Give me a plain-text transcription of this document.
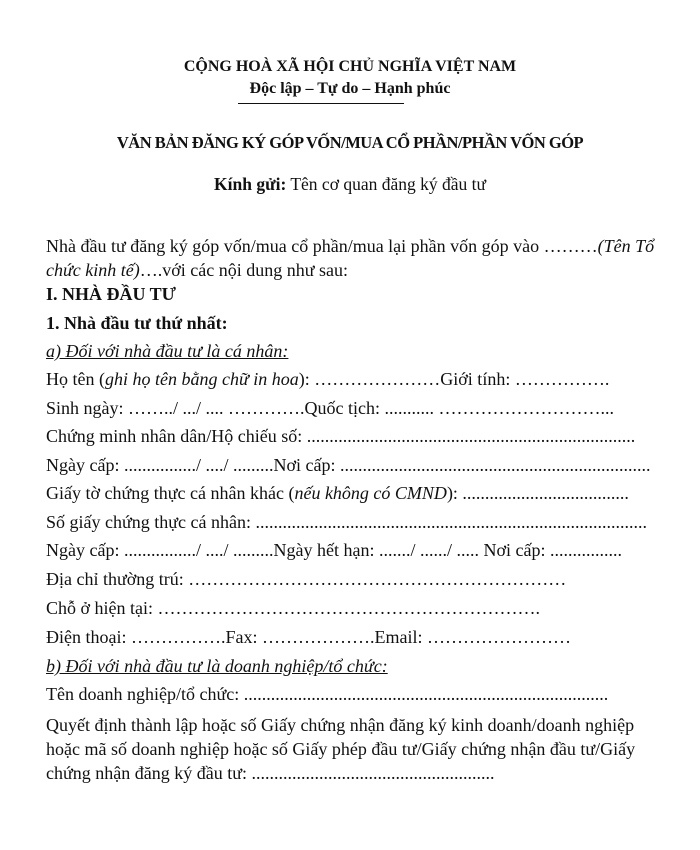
CỘNG HOÀ XÃ HỘI CHỦ NGHĨA VIỆT NAM
Độc lập – Tự do – Hạnh phúc
VĂN BẢN ĐĂNG KÝ GÓP VỐN/MUA CỔ PHẦN/PHẦN VỐN GÓP
Kính gửi: Tên cơ quan đăng ký đầu tư
Nhà đầu tư đăng ký góp vốn/mua cổ phần/mua lại phần vốn góp vào ………(Tên Tổ chức kinh tế)….với các nội dung như sau:
I. NHÀ ĐẦU TƯ
1. Nhà đầu tư thứ nhất:
a) Đối với nhà đầu tư là cá nhân:
Họ tên (ghi họ tên bằng chữ in hoa): …………………Giới tính: …………….
Sinh ngày: ……../ .../ .... ………….Quốc tịch: ........... ………………………...
Chứng minh nhân dân/Hộ chiếu số: .........................................................................
Ngày cấp: ................/ ..../ .........Nơi cấp: .....................................................................
Giấy tờ chứng thực cá nhân khác (nếu không có CMND): .....................................
Số giấy chứng thực cá nhân: .......................................................................................
Ngày cấp: ................/ ..../ .........Ngày hết hạn: ......./ ....../ ..... Nơi cấp: ................
Địa chỉ thường trú: ………………………………………………………
Chỗ ở hiện tại: ……………………………………………………….
Điện thoại: …………….Fax: ……………….Email: ……………………
b) Đối với nhà đầu tư là doanh nghiệp/tổ chức:
Tên doanh nghiệp/tổ chức: .................................................................................
Quyết định thành lập hoặc số Giấy chứng nhận đăng ký kinh doanh/doanh nghiệp hoặc mã số doanh nghiệp hoặc số Giấy phép đầu tư/Giấy chứng nhận đầu tư/Giấy chứng nhận đăng ký đầu tư: ......................................................
